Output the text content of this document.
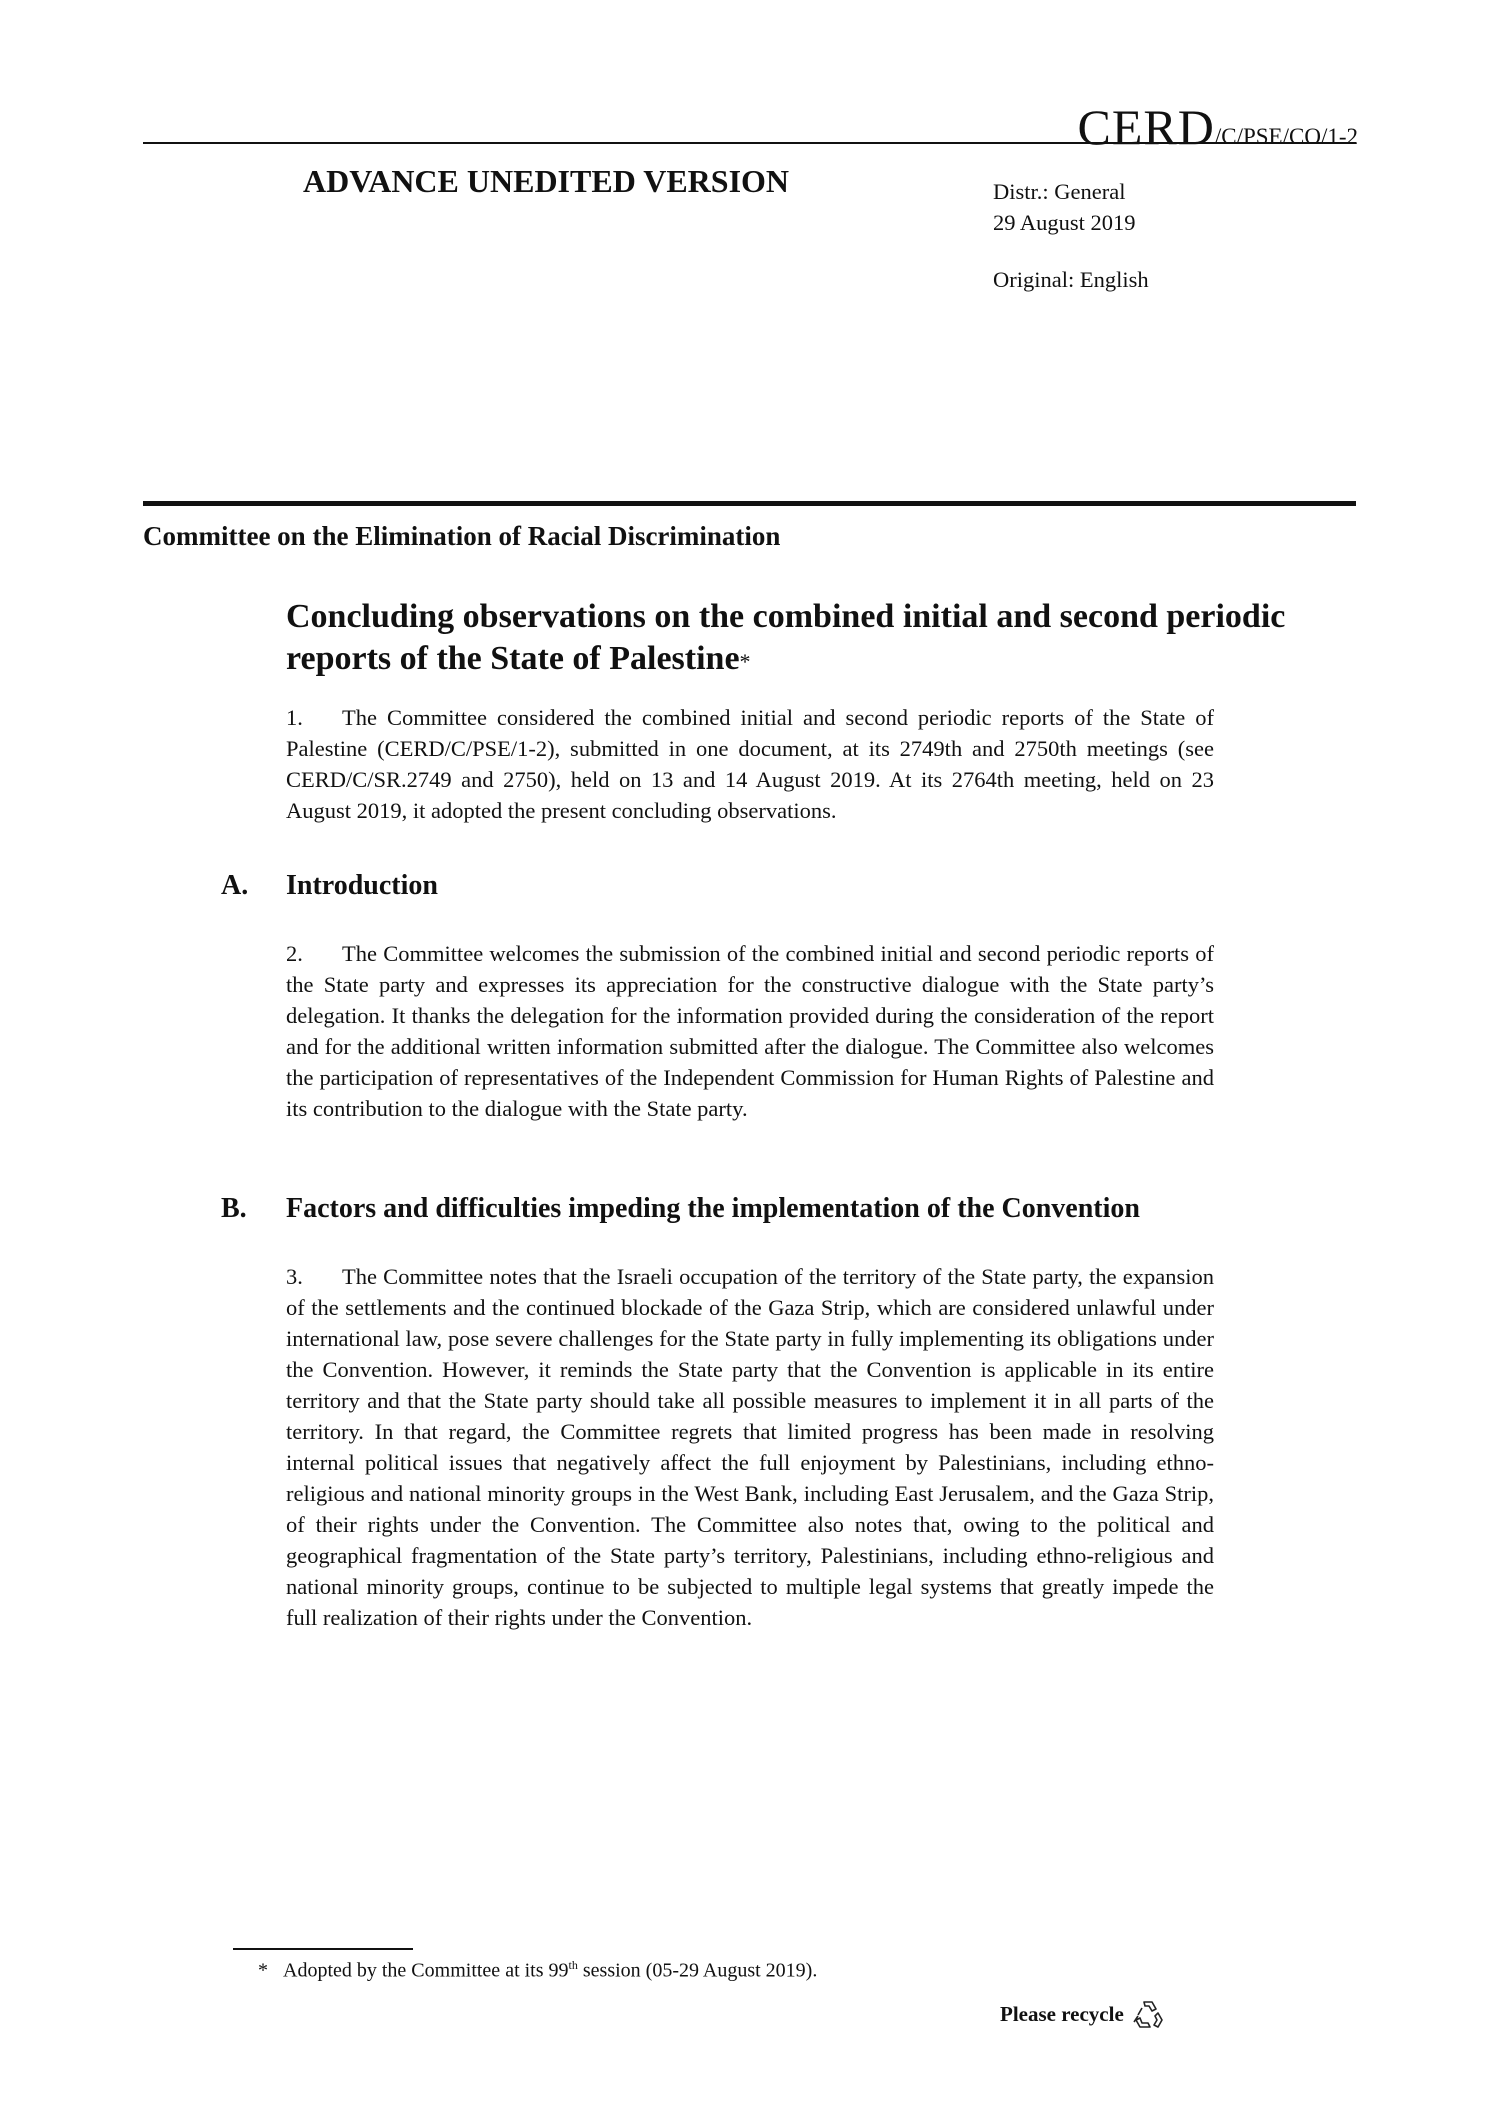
CERD/C/PSE/CO/1-2
ADVANCE UNEDITED VERSION	Distr.: General
29 August 2019
Original: English
Committee on the Elimination of Racial Discrimination
Concluding observations on the combined initial and second periodic reports of the State of Palestine*

1. The Committee considered the combined initial and second periodic reports of the State of Palestine (CERD/C/PSE/1-2), submitted in one document, at its 2749th and 2750th meetings (see CERD/C/SR.2749 and 2750), held on 13 and 14 August 2019. At its 2764th meeting, held on 23 August 2019, it adopted the present concluding observations.

A. Introduction

2. The Committee welcomes the submission of the combined initial and second periodic reports of the State party and expresses its appreciation for the constructive dialogue with the State party’s delegation. It thanks the delegation for the information provided during the consideration of the report and for the additional written information submitted after the dialogue. The Committee also welcomes the participation of representatives of the Independent Commission for Human Rights of Palestine and its contribution to the dialogue with the State party.

B. Factors and difficulties impeding the implementation of the Convention

3. The Committee notes that the Israeli occupation of the territory of the State party, the expansion of the settlements and the continued blockade of the Gaza Strip, which are considered unlawful under international law, pose severe challenges for the State party in fully implementing its obligations under the Convention. However, it reminds the State party that the Convention is applicable in its entire territory and that the State party should take all possible measures to implement it in all parts of the territory. In that regard, the Committee regrets that limited progress has been made in resolving internal political issues that negatively affect the full enjoyment by Palestinians, including ethno-religious and national minority groups in the West Bank, including East Jerusalem, and the Gaza Strip, of their rights under the Convention. The Committee also notes that, owing to the political and geographical fragmentation of the State party’s territory, Palestinians, including ethno-religious and national minority groups, continue to be subjected to multiple legal systems that greatly impede the full realization of their rights under the Convention.

* Adopted by the Committee at its 99th session (05-29 August 2019).
Please recycle
